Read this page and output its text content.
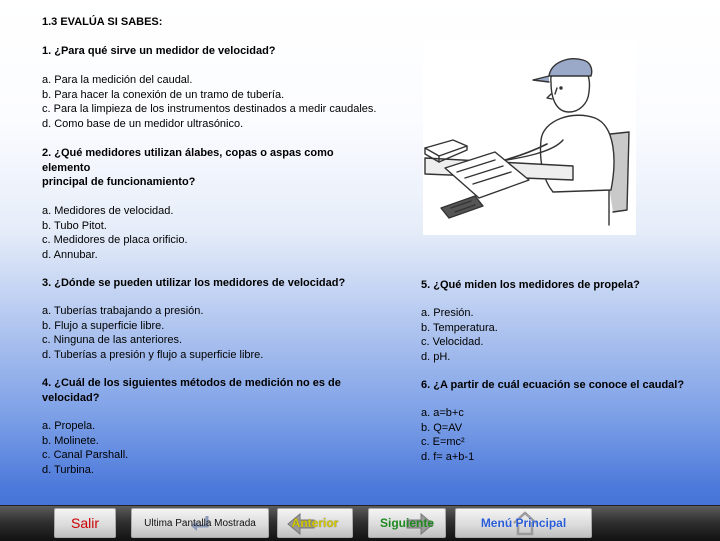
1.3 EVALÚA SI SABES:
1. ¿Para qué sirve un medidor de velocidad?
a. Para la medición del caudal.
b. Para hacer la conexión de un tramo de tubería.
c. Para la limpieza de los instrumentos destinados a medir caudales.
d. Como base de un medidor ultrasónico.
2. ¿Qué medidores utilizan álabes, copas o aspas como
elemento
principal de funcionamiento?
a. Medidores de velocidad.
b. Tubo Pitot.
c. Medidores de placa orificio.
d. Annubar.
3. ¿Dónde se pueden utilizar los medidores de velocidad?
a. Tuberías trabajando a presión.
b. Flujo a superficie libre.
c. Ninguna de las anteriores.
d. Tuberías a presión y flujo a superficie libre.
4. ¿Cuál de los siguientes métodos de medición no es de
velocidad?
a. Propela.
b. Molinete.
c. Canal Parshall.
d. Turbina.
5. ¿Qué miden los medidores de propela?
a. Presión.
b. Temperatura.
c. Velocidad.
d. pH.
6. ¿A partir de cuál ecuación se conoce el caudal?
a. a=b+c
b. Q=AV
c. E=mc²
d. f= a+b-1
Salir	Ultima Pantalla Mostrada	Anterior	Siguiente	Menú Principal
